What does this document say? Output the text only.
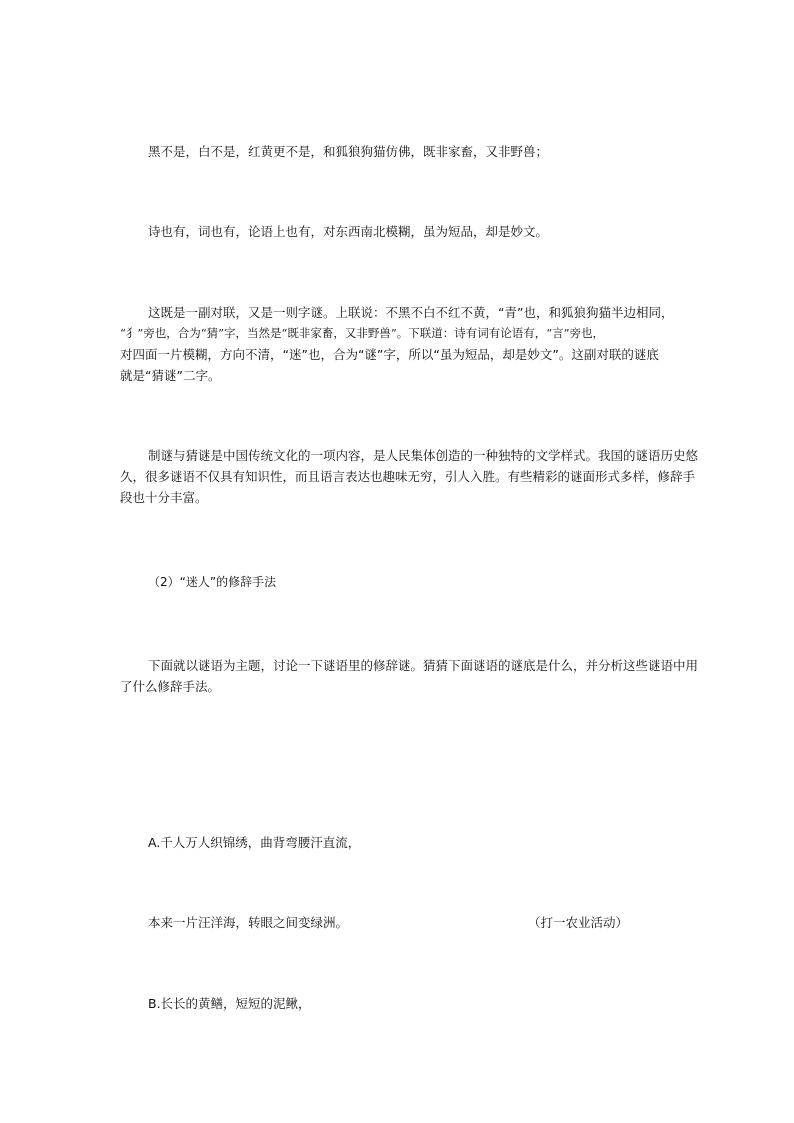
黑不是，白不是，红黄更不是，和狐狼狗猫仿佛，既非家畜，又非野兽；
诗也有，词也有，论语上也有，对东西南北模糊，虽为短品，却是妙文。
这既是一副对联，又是一则字谜。上联说：不黑不白不红不黄，“青”也，和狐狼狗猫半边相同，
“犭”旁也，合为“猜”字，当然是“既非家畜，又非野兽”。下联道：诗有词有论语有，“言”旁也，
对四面一片模糊，方向不清，“迷”也，合为“谜”字，所以“虽为短品，却是妙文”。这副对联的谜底
就是“猜谜”二字。
制谜与猜谜是中国传统文化的一项内容，是人民集体创造的一种独特的文学样式。我国的谜语历史悠
久，很多谜语不仅具有知识性，而且语言表达也趣味无穷，引人入胜。有些精彩的谜面形式多样，修辞手
段也十分丰富。
（2）“迷人”的修辞手法
下面就以谜语为主题，讨论一下谜语里的修辞谜。猜猜下面谜语的谜底是什么，并分析这些谜语中用
了什么修辞手法。
A.千人万人织锦绣，曲背弯腰汗直流，
本来一片汪洋海，转眼之间变绿洲。	（打一农业活动）
B.长长的黄鳝，短短的泥鳅，
